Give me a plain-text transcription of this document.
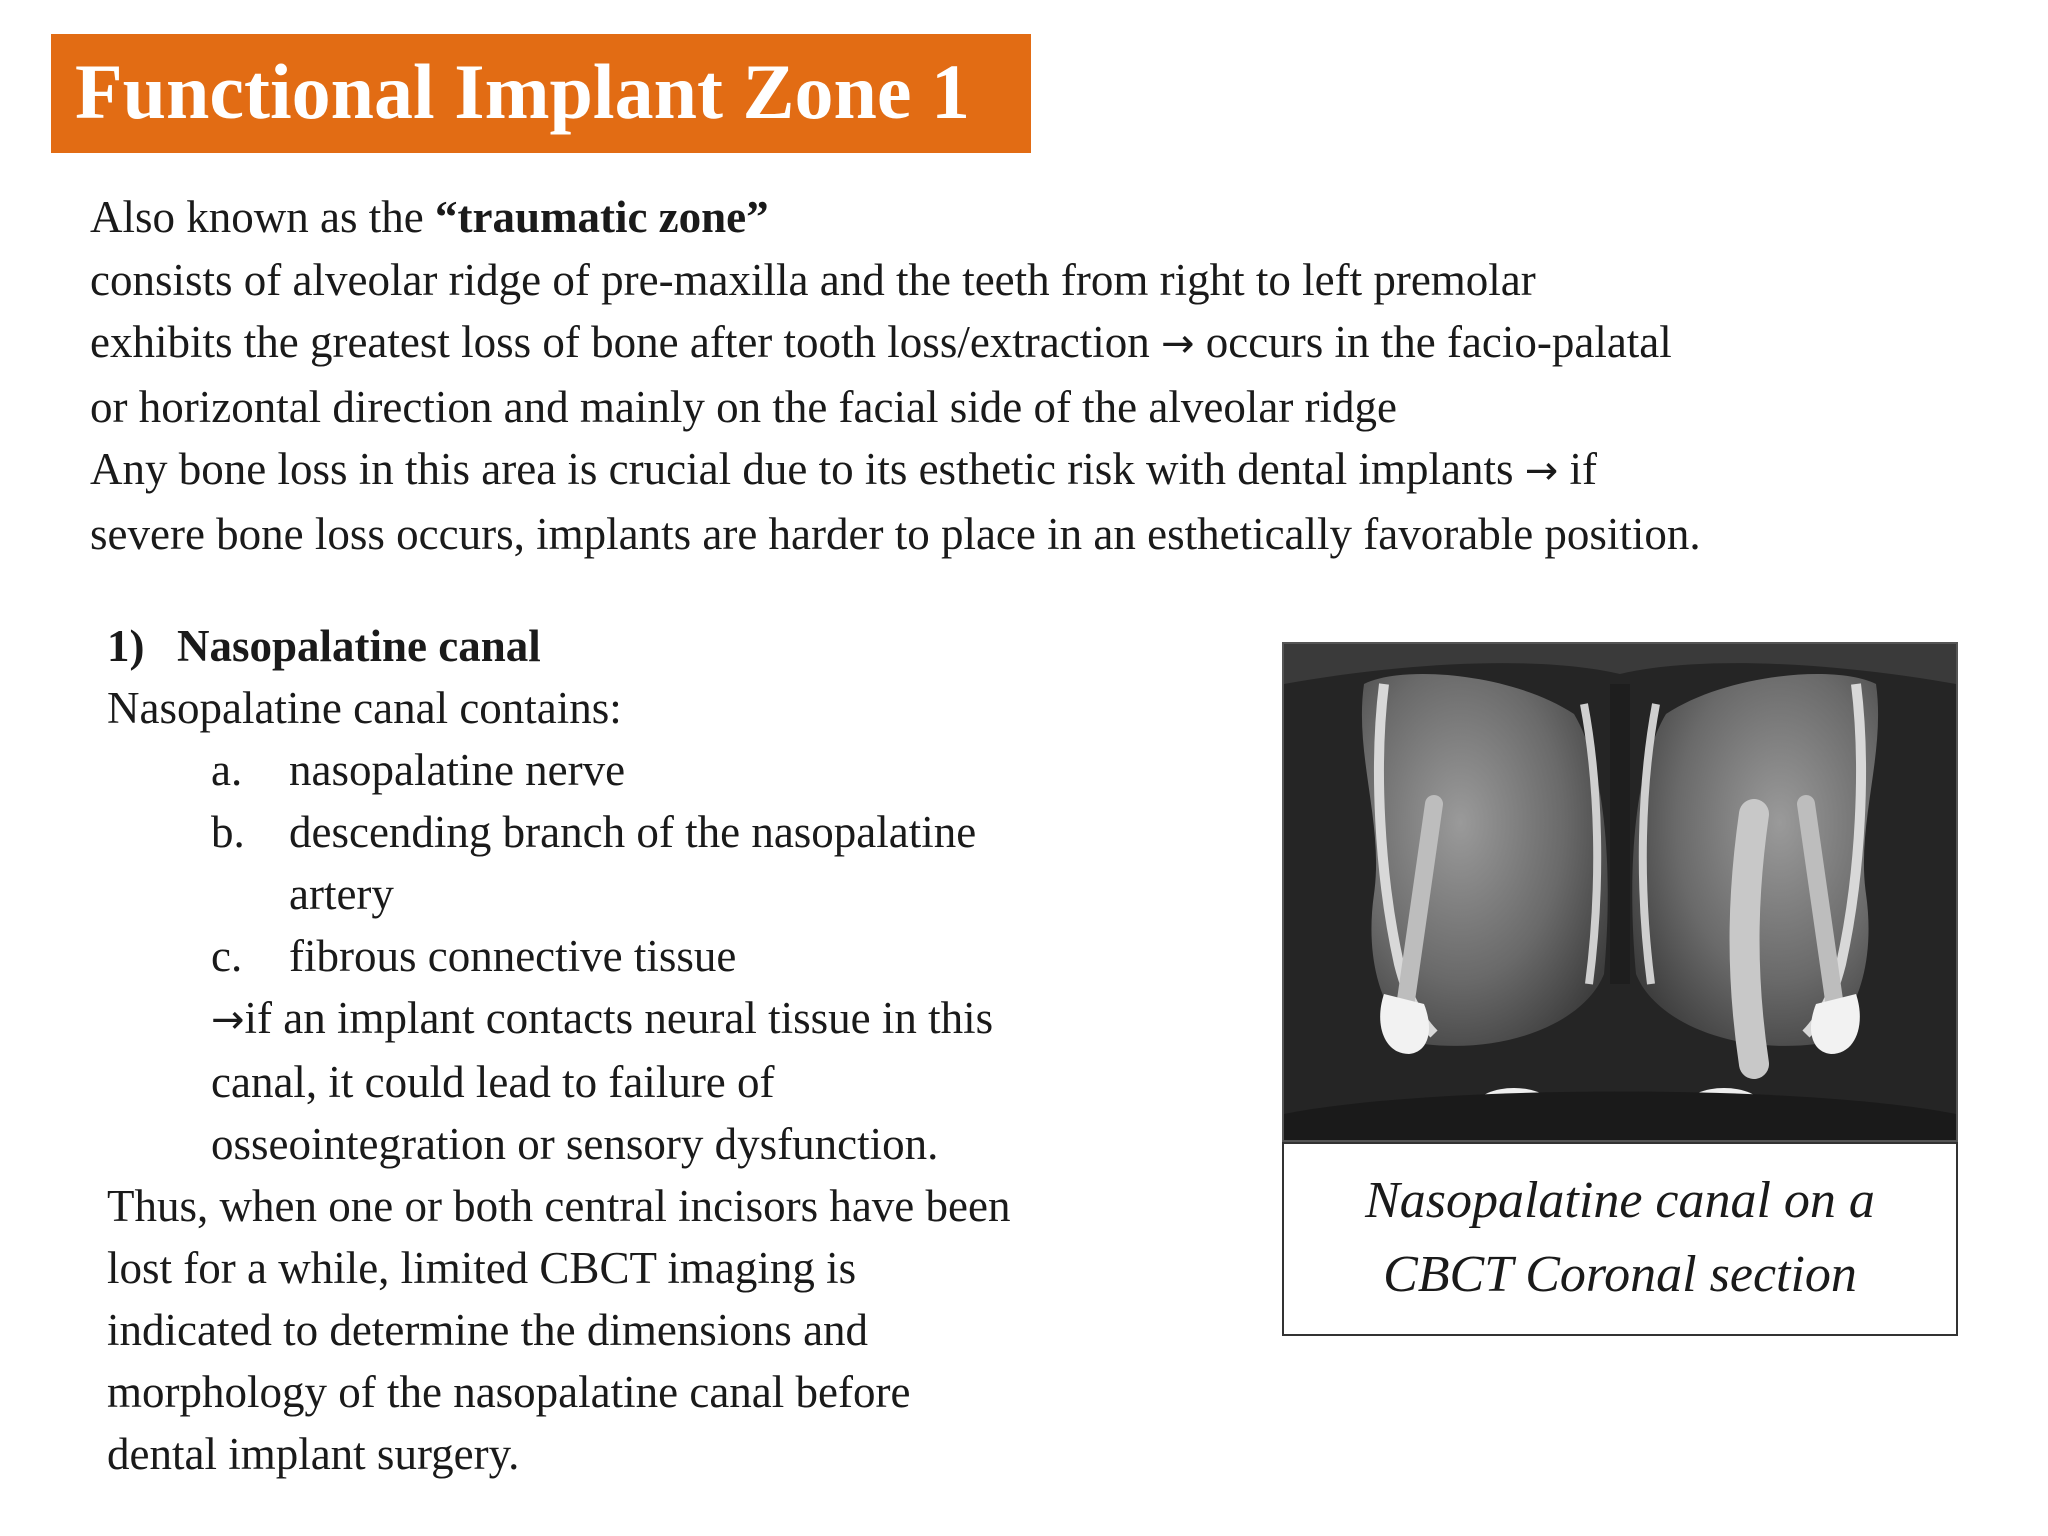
Functional Implant Zone 1
Also known as the “traumatic zone”
consists of alveolar ridge of pre-maxilla and the teeth from right to left premolar
exhibits the greatest loss of bone after tooth loss/extraction → occurs in the facio-palatal
or horizontal direction and mainly on the facial side of the alveolar ridge
Any bone loss in this area is crucial due to its esthetic risk with dental implants → if
severe bone loss occurs, implants are harder to place in an esthetically favorable position.
1) Nasopalatine canal
Nasopalatine canal contains:
a. nasopalatine nerve
b. descending branch of the nasopalatine artery
c. fibrous connective tissue
→if an implant contacts neural tissue in this
canal, it could lead to failure of
osseointegration or sensory dysfunction.
Thus, when one or both central incisors have been
lost for a while, limited CBCT imaging is
indicated to determine the dimensions and
morphology of the nasopalatine canal before
dental implant surgery.
Nasopalatine canal on a
CBCT Coronal section
